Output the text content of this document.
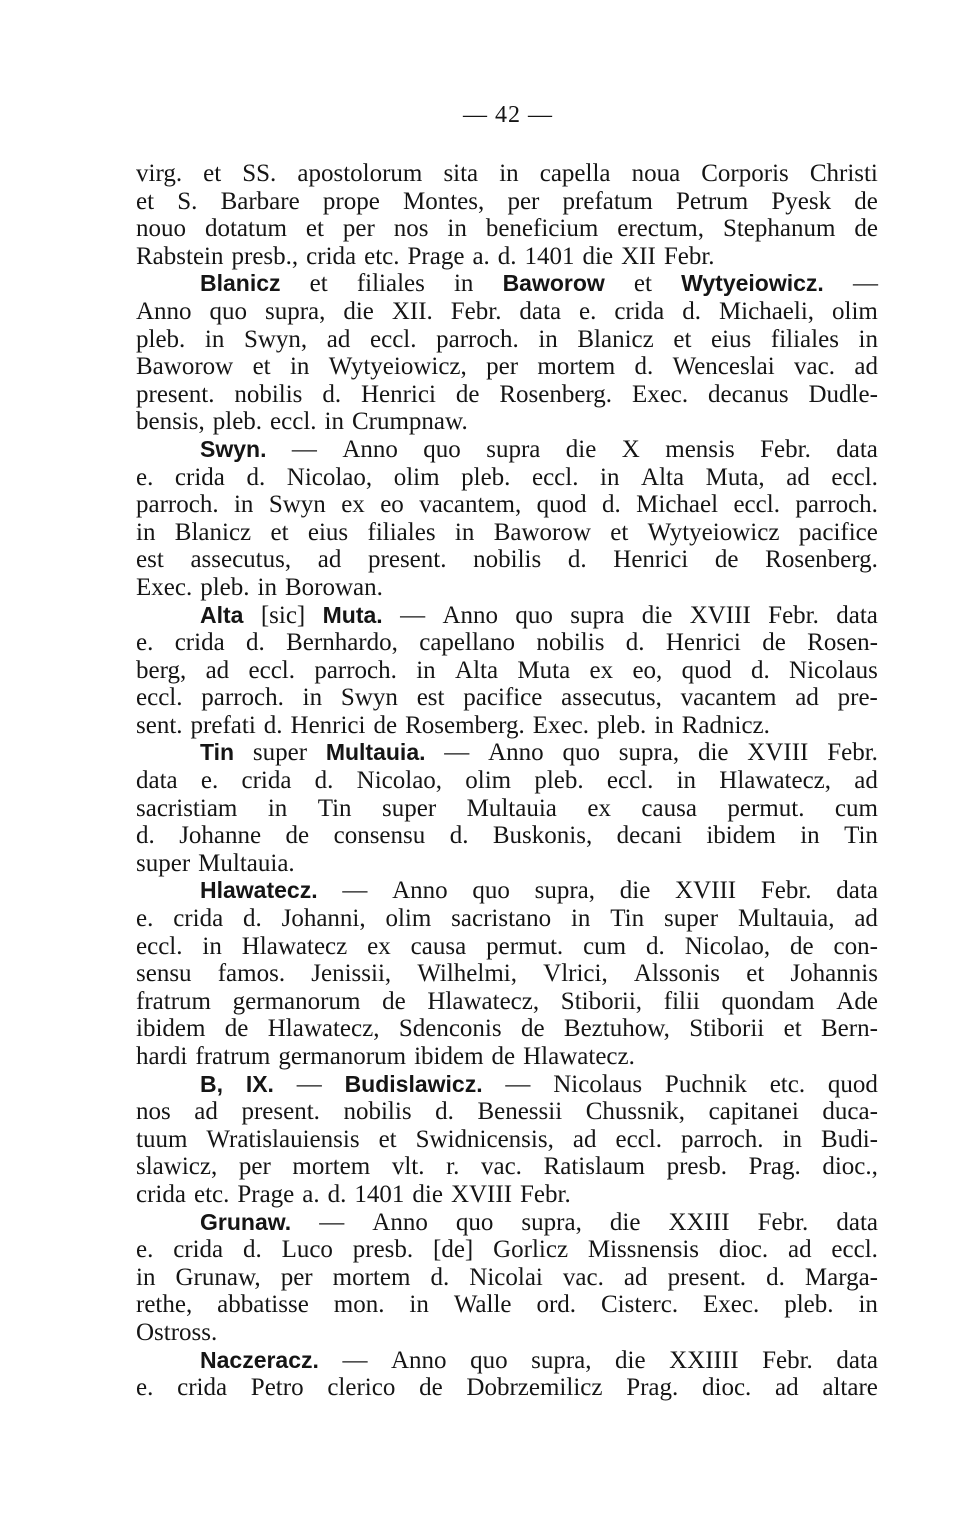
— 42 —
virg. et SS. apostolorum sita in capella noua Corporis Christi
et S. Barbare prope Montes, per prefatum Petrum Pyesk de
nouo dotatum et per nos in beneficium erectum, Stephanum de
Rabstein presb., crida etc. Prage a. d. 1401 die XII Febr.
Blanicz et filiales in Baworow et Wytyeiowicz. —
Anno quo supra, die XII. Febr. data e. crida d. Michaeli, olim
pleb. in Swyn, ad eccl. parroch. in Blanicz et eius filiales in
Baworow et in Wytyeiowicz, per mortem d. Wenceslai vac. ad
present. nobilis d. Henrici de Rosenberg. Exec. decanus Dudle-
bensis, pleb. eccl. in Crumpnaw.
Swyn. — Anno quo supra die X mensis Febr. data
e. crida d. Nicolao, olim pleb. eccl. in Alta Muta, ad eccl.
parroch. in Swyn ex eo vacantem, quod d. Michael eccl. parroch.
in Blanicz et eius filiales in Baworow et Wytyeiowicz pacifice
est assecutus, ad present. nobilis d. Henrici de Rosenberg.
Exec. pleb. in Borowan.
Alta [sic] Muta. — Anno quo supra die XVIII Febr. data
e. crida d. Bernhardo, capellano nobilis d. Henrici de Rosen-
berg, ad eccl. parroch. in Alta Muta ex eo, quod d. Nicolaus
eccl. parroch. in Swyn est pacifice assecutus, vacantem ad pre-
sent. prefati d. Henrici de Rosemberg. Exec. pleb. in Radnicz.
Tin super Multauia. — Anno quo supra, die XVIII Febr.
data e. crida d. Nicolao, olim pleb. eccl. in Hlawatecz, ad
sacristiam in Tin super Multauia ex causa permut. cum
d. Johanne de consensu d. Buskonis, decani ibidem in Tin
super Multauia.
Hlawatecz. — Anno quo supra, die XVIII Febr. data
e. crida d. Johanni, olim sacristano in Tin super Multauia, ad
eccl. in Hlawatecz ex causa permut. cum d. Nicolao, de con-
sensu famos. Jenissii, Wilhelmi, Vlrici, Alssonis et Johannis
fratrum germanorum de Hlawatecz, Stiborii, filii quondam Ade
ibidem de Hlawatecz, Sdenconis de Beztuhow, Stiborii et Bern-
hardi fratrum germanorum ibidem de Hlawatecz.
B, IX. — Budislawicz. — Nicolaus Puchnik etc. quod
nos ad present. nobilis d. Benessii Chussnik, capitanei duca-
tuum Wratislauiensis et Swidnicensis, ad eccl. parroch. in Budi-
slawicz, per mortem vlt. r. vac. Ratislaum presb. Prag. dioc.,
crida etc. Prage a. d. 1401 die XVIII Febr.
Grunaw. — Anno quo supra, die XXIII Febr. data
e. crida d. Luco presb. [de] Gorlicz Missnensis dioc. ad eccl.
in Grunaw, per mortem d. Nicolai vac. ad present. d. Marga-
rethe, abbatisse mon. in Walle ord. Cisterc. Exec. pleb. in
Ostross.
Naczeracz. — Anno quo supra, die XXIIII Febr. data
e. crida Petro clerico de Dobrzemilicz Prag. dioc. ad altare
